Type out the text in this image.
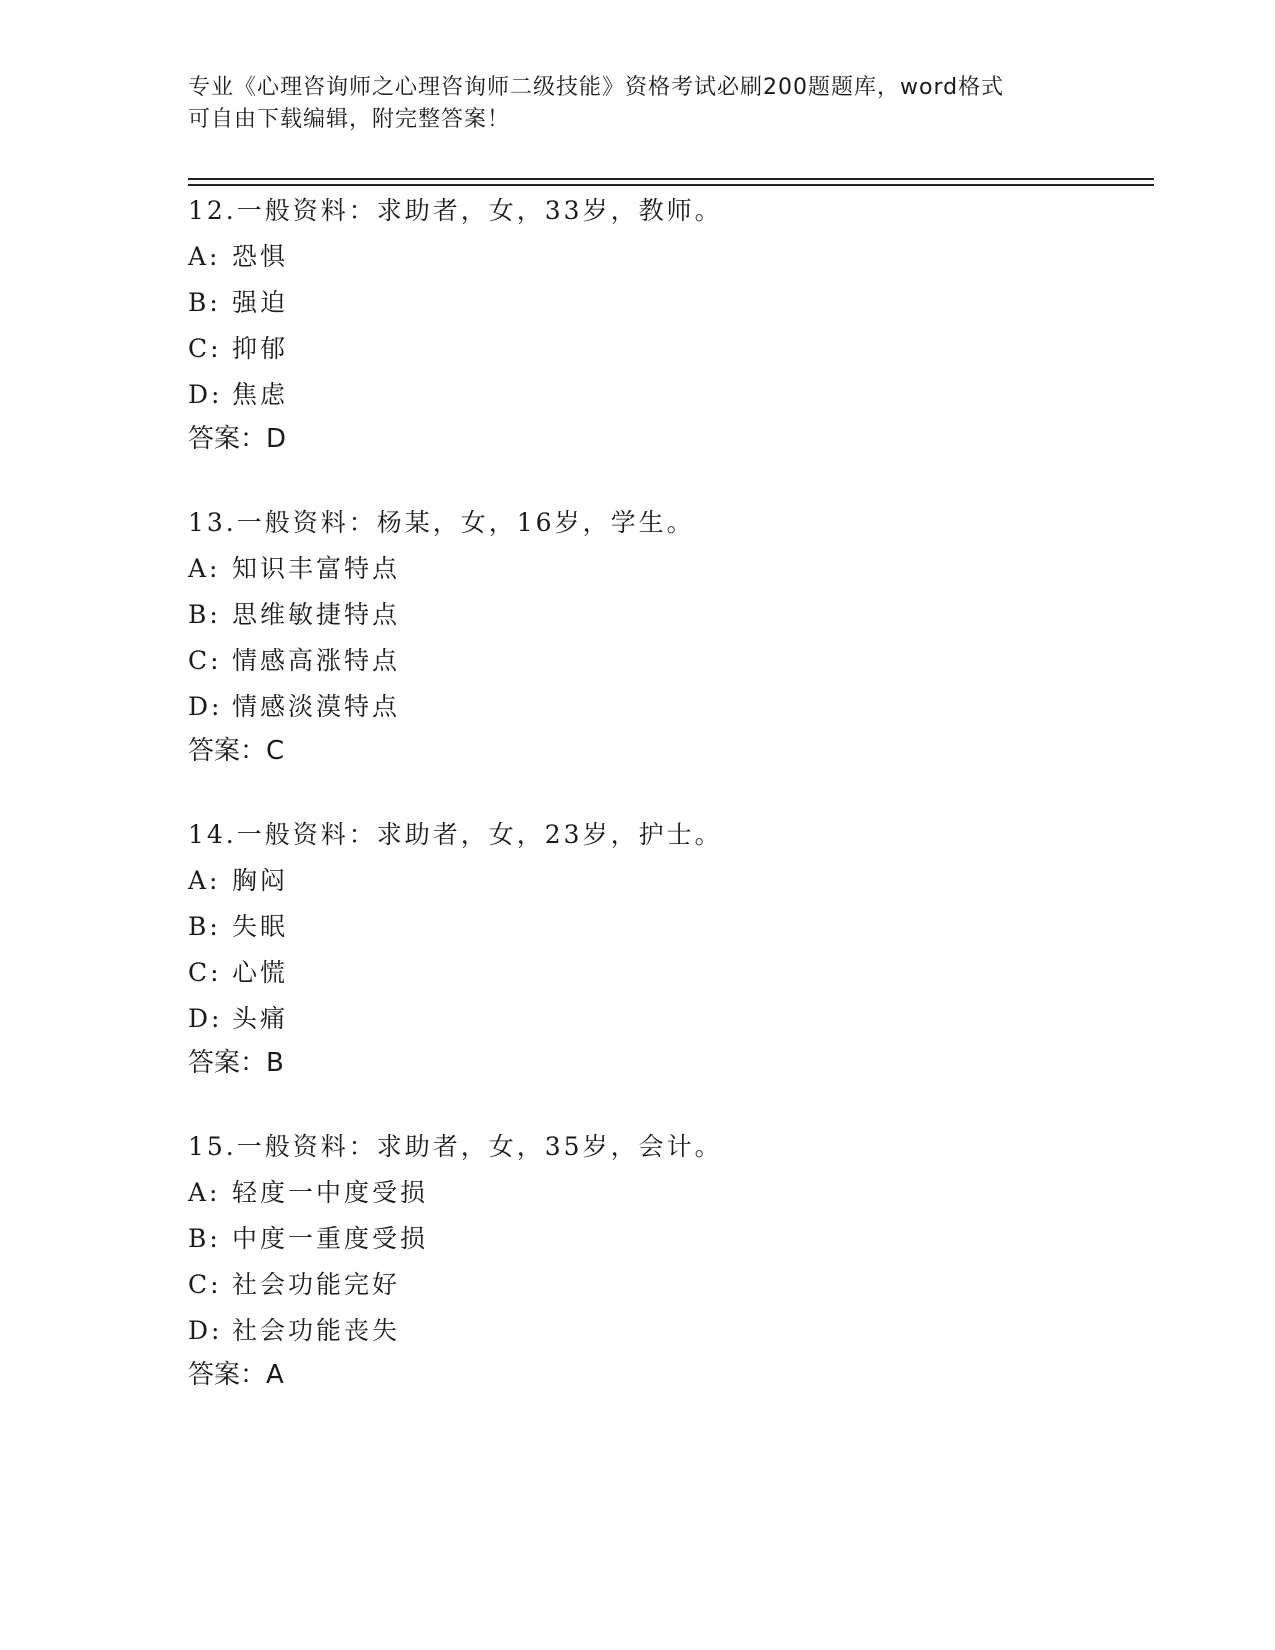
专业《心理咨询师之心理咨询师二级技能》资格考试必刷200题题库，word格式
可自由下载编辑，附完整答案！
12.一般资料：求助者，女，33岁，教师。
A: 恐惧
B: 强迫
C: 抑郁
D: 焦虑
答案：D
13.一般资料：杨某，女，16岁，学生。
A: 知识丰富特点
B: 思维敏捷特点
C: 情感高涨特点
D: 情感淡漠特点
答案：C
14.一般资料：求助者，女，23岁，护士。
A: 胸闷
B: 失眠
C: 心慌
D: 头痛
答案：B
15.一般资料：求助者，女，35岁，会计。
A: 轻度一中度受损
B: 中度一重度受损
C: 社会功能完好
D: 社会功能丧失
答案：A
